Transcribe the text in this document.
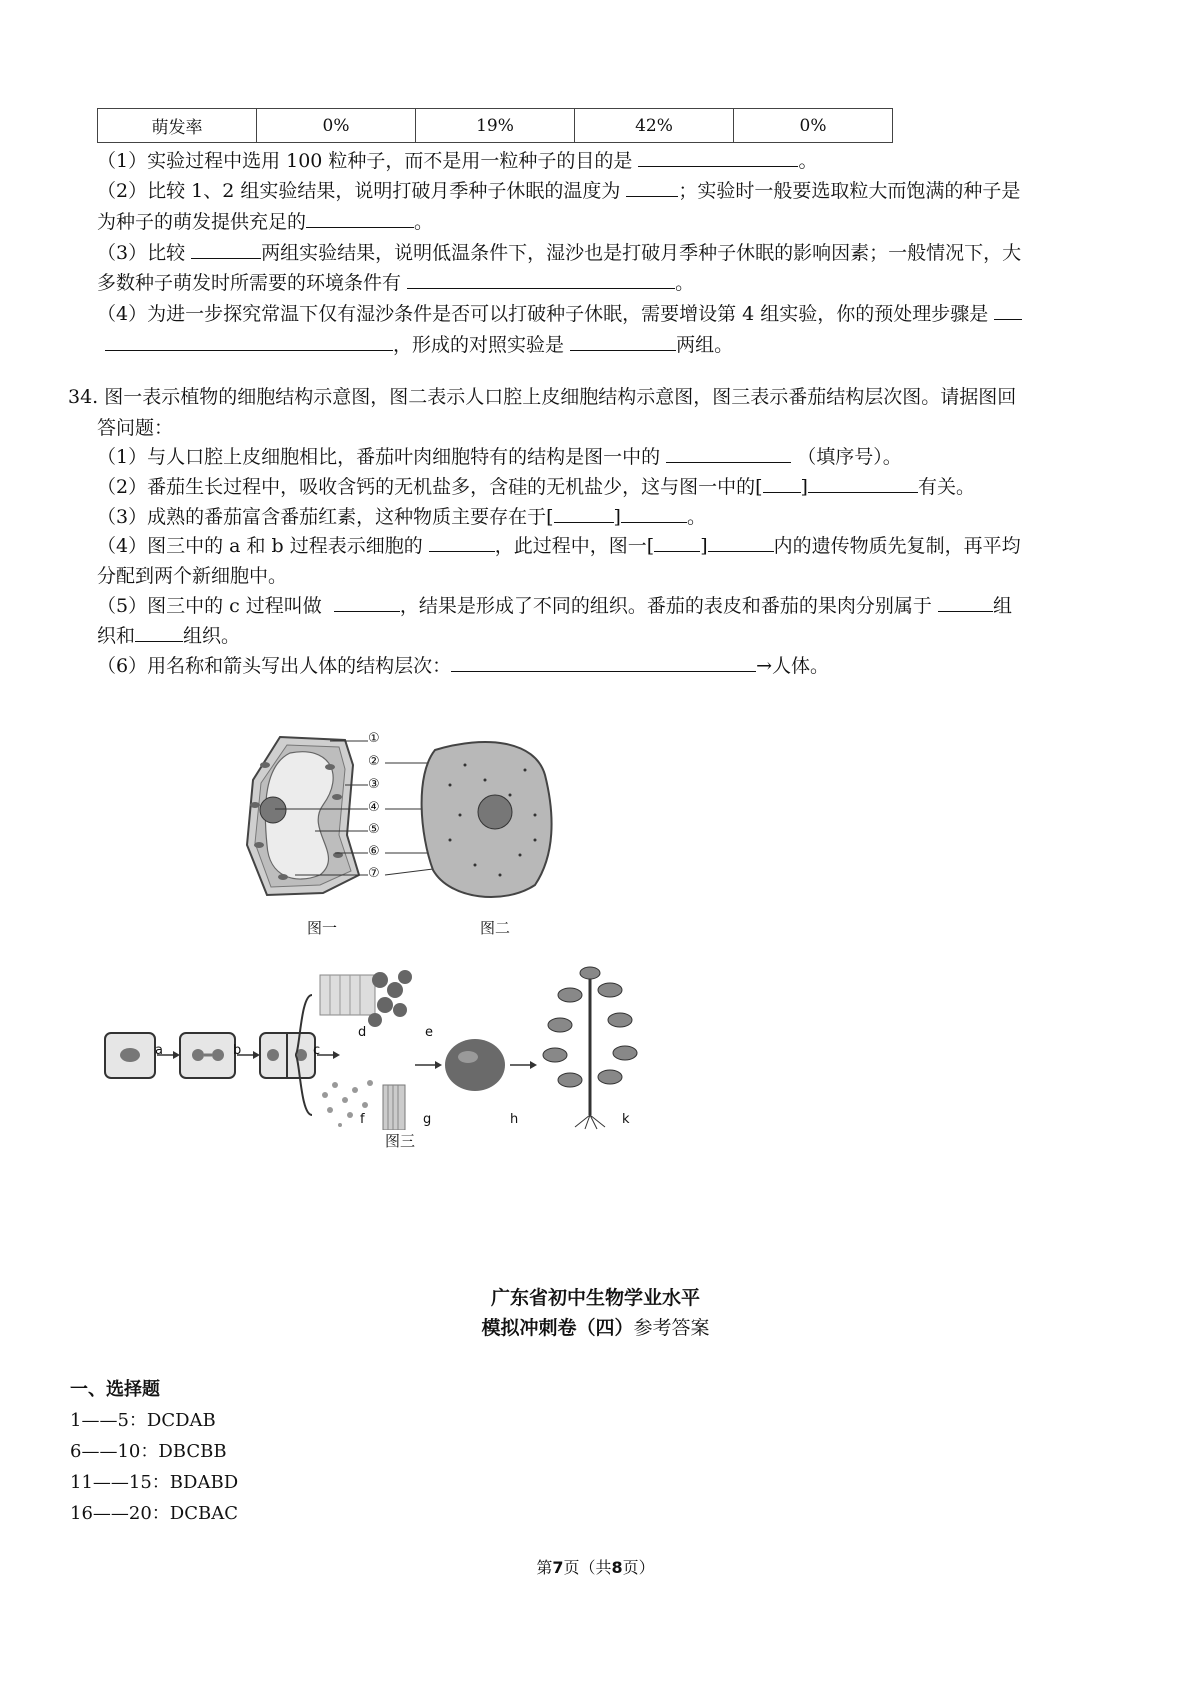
萌发率	0%	19%	42%	0%
（1）实验过程中选用 100 粒种子，而不是用一粒种子的目的是	。
（2）比较 1、2 组实验结果，说明打破月季种子休眠的温度为	；实验时一般要选取粒大而饱满的种子是
为种子的萌发提供充足的	。
（3）比较	两组实验结果，说明低温条件下，湿沙也是打破月季种子休眠的影响因素；一般情况下，大
多数种子萌发时所需要的环境条件有	。
（4）为进一步探究常温下仅有湿沙条件是否可以打破种子休眠，需要增设第 4 组实验，你的预处理步骤是
，形成的对照实验是	两组。
34. 图一表示植物的细胞结构示意图，图二表示人口腔上皮细胞结构示意图，图三表示番茄结构层次图。请据图回
答问题：
（1）与人口腔上皮细胞相比，番茄叶肉细胞特有的结构是图一中的	（填序号）。
（2）番茄生长过程中，吸收含钙的无机盐多，含硅的无机盐少，这与图一中的[ ]	有关。
（3）成熟的番茄富含番茄红素，这种物质主要存在于[	]	。
（4）图三中的 a 和 b 过程表示细胞的	，此过程中，图一[ ]	内的遗传物质先复制，再平均
分配到两个新细胞中。
（5）图三中的 c 过程叫做	，结果是形成了不同的组织。番茄的表皮和番茄的果肉分别属于	组
织和	组织。
（6）用名称和箭头写出人体的结构层次：	→人体。
①
②
③
④
⑤
⑥
⑦
图一	图二
a	b	c
d	e
f	g	h	k
图三
广东省初中生物学业水平
模拟冲刺卷（四）参考答案
一、选择题
1——5：DCDAB
6——10：DBCBB
11——15：BDABD
16——20：DCBAC
第7页（共8页）
